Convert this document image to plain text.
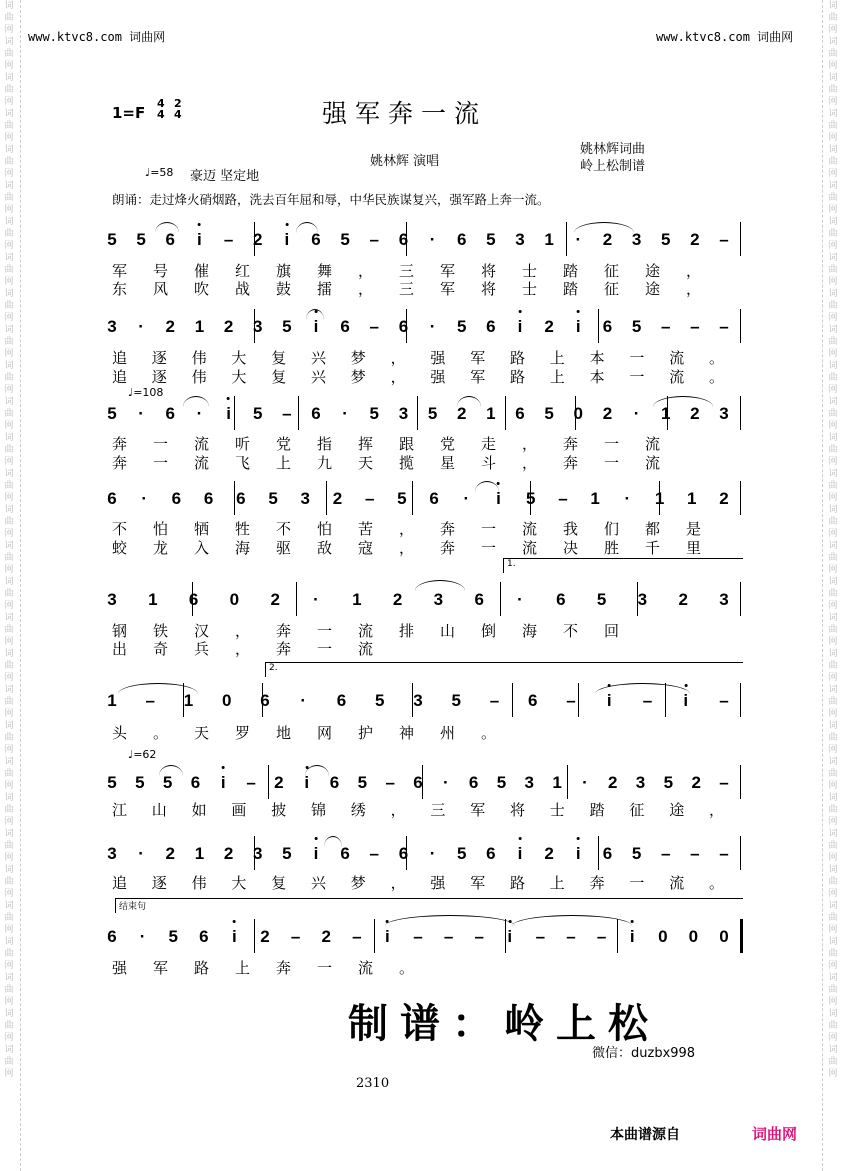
词曲网词曲网词曲网词曲网词曲网词曲网词曲网词曲网词曲网词曲网词曲网词曲网词曲网词曲网词曲网词曲网词曲网词曲网词曲网词曲网词曲网词曲网词曲网词曲网词曲网词曲网词曲网词曲网词曲网词曲网
词曲网词曲网词曲网词曲网词曲网词曲网词曲网词曲网词曲网词曲网词曲网词曲网词曲网词曲网词曲网词曲网词曲网词曲网词曲网词曲网词曲网词曲网词曲网词曲网词曲网词曲网词曲网词曲网词曲网词曲网
www.ktvc8.com 词曲网	www.ktvc8.com 词曲网
1=F
4
4
2
4	强军奔一流
姚林辉 演唱
姚林辉词曲
岭上松制谱
♩=58 豪迈 坚定地
朗诵：走过烽火硝烟路，洗去百年屈和辱，中华民族谋复兴，强军路上奔一流。
5 5 6 i – 2 i 6 5 – 6 · 6 5 3 1 · 2 3 5 2 –
3 · 2 1 2 3 5 i 6 – 6 · 5 6 i 2 i 6 5 – – –
5 · 6 · i 5 – 6 · 5 3 5 2 1 6 5 0 2 · 1 2 3
6 · 6 6 6 5 3 2 – 5 6 · i 5 – 1 · 1 1 2
3 1 6 0 2 · 1 2 3 6 · 6 5 3 2 3
1 – 1 0 6 · 6 5 3 5 – 6 – i – i –
5 5 5 6 i – 2 i 6 5 – 6 · 6 5 3 1 · 2 3 5 2 –
3 · 2 1 2 3 5 i 6 – 6 · 5 6 i 2 i 6 5 – – –
6 · 5 6 i 2 – 2 – i – – – i – – – i 0 0 0
♩=108
♩=62
1.
2.
结束句
制谱：岭上松
微信：duzbx998
2310
本曲谱源自	词曲网
军号催红旗舞，三军将士踏征途，
东风吹战鼓擂，三军将士踏征途，
追逐伟大复兴梦，强军路上本一流。
追逐伟大复兴梦，强军路上本一流。
奔一流听党指挥跟党走，奔一流
奔一流飞上九天揽星斗，奔一流
不怕牺牲不怕苦，奔一流我们都是
蛟龙入海驱敌寇，奔一流决胜千里
钢铁汉，奔一流排山倒海不回
出奇兵，奔一流
头。天罗地网护神州。
江山如画披锦绣，三军将士踏征途，
追逐伟大复兴梦，强军路上奔一流。
强军路上奔一流。
